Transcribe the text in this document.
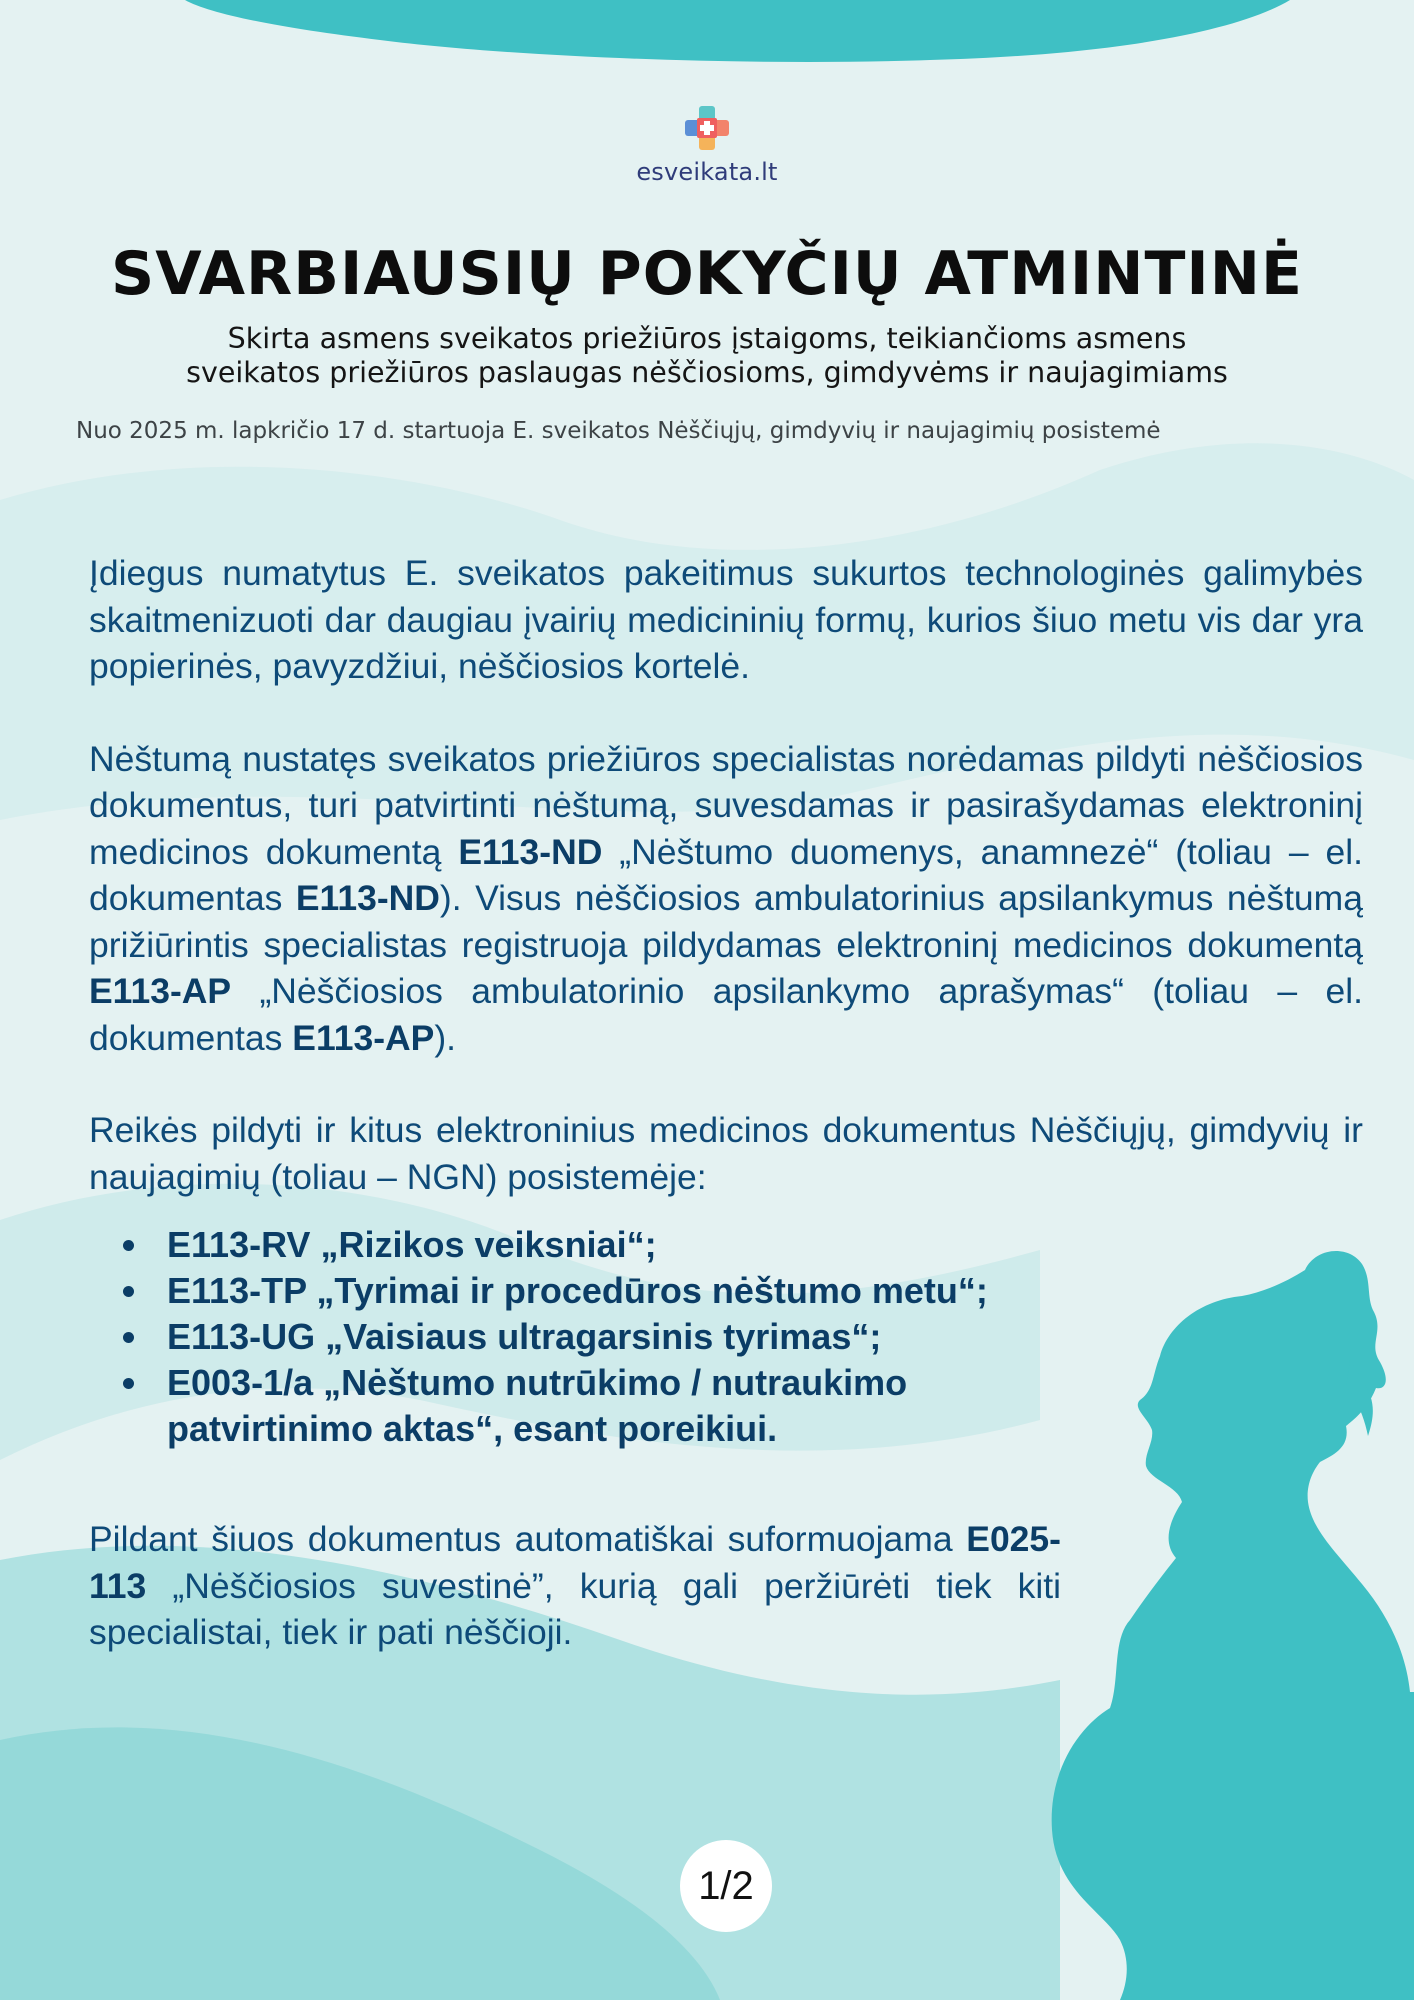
esveikata.lt
SVARBIAUSIŲ POKYČIŲ ATMINTINĖ
Skirta asmens sveikatos priežiūros įstaigoms, teikiančioms asmens
sveikatos priežiūros paslaugas nėščiosioms, gimdyvėms ir naujagimiams
Nuo 2025 m. lapkričio 17 d. startuoja E. sveikatos Nėščiųjų, gimdyvių ir naujagimių posistemė

Įdiegus numatytus E. sveikatos pakeitimus sukurtos technologinės galimybės skaitmenizuoti dar daugiau įvairių medicininių formų, kurios šiuo metu vis dar yra popierinės, pavyzdžiui, nėščiosios kortelė.

Nėštumą nustatęs sveikatos priežiūros specialistas norėdamas pildyti nėščiosios dokumentus, turi patvirtinti nėštumą, suvesdamas ir pasirašydamas elektroninį medicinos dokumentą E113-ND „Nėštumo duomenys, anamnezė“ (toliau – el. dokumentas E113-ND). Visus nėščiosios ambulatorinius apsilankymus nėštumą prižiūrintis specialistas registruoja pildydamas elektroninį medicinos dokumentą E113-AP „Nėščiosios ambulatorinio apsilankymo aprašymas“ (toliau – el. dokumentas E113-AP).

Reikės pildyti ir kitus elektroninius medicinos dokumentus Nėščiųjų, gimdyvių ir naujagimių (toliau – NGN) posistemėje:

E113-RV „Rizikos veiksniai“;
E113-TP „Tyrimai ir procedūros nėštumo metu“;
E113-UG „Vaisiaus ultragarsinis tyrimas“;
E003-1/a „Nėštumo nutrūkimo / nutraukimo patvirtinimo aktas“, esant poreikiui.

Pildant šiuos dokumentus automatiškai suformuojama E025-113 „Nėščiosios suvestinė”, kurią gali peržiūrėti tiek kiti specialistai, tiek ir pati nėščioji.

1/2
